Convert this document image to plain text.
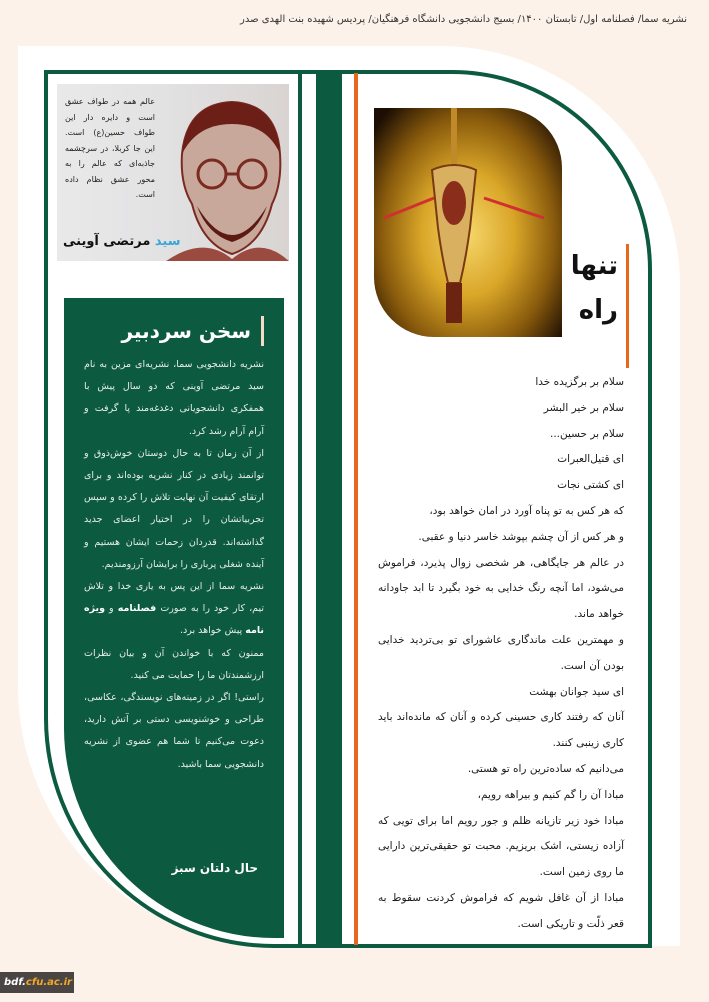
نشریه سما/ فصلنامه اول/ تابستان ۱۴۰۰/ بسیج دانشجویی دانشگاه فرهنگیان/ پردیس شهیده بنت الهدی صدر
عالم همه در طواف عشق است و دایره دار این طواف حسین(ع) است. این جا کربلا، در سرچشمه جاذبه‌ای که عالم را به محور عشق نظام داده است.
سید مرتضی آوینی
سخن سردبیر
نشریه دانشجویی سما، نشریه‌ای مزین به نام سید مرتضی آوینی که دو سال پیش با همفکری دانشجویانی دغدغه‌مند پا گرفت و آرام آرام رشد کرد.
از آن زمان تا به حال دوستان خوش‌ذوق و توانمند زیادی در کنار نشریه بوده‌اند و برای ارتقای کیفیت آن نهایت تلاش را کرده و سپس تجربیاتشان را در اختیار اعضای جدید گذاشته‌اند. قدردان زحمات ایشان هستیم و آینده شغلی پرباری را برایشان آرزومندیم.
نشریه سما از این پس به یاری خدا و تلاش تیم، کار خود را به صورت فصلنامه و ویژه نامه پیش خواهد برد.
ممنون که با خواندن آن و بیان نظرات ارزشمندتان ما را حمایت می کنید.
راستی! اگر در زمینه‌های نویسندگی، عکاسی، طراحی و خوشنویسی دستی بر آتش دارید، دعوت می‌کنیم تا شما هم عضوی از نشریه دانشجویی سما باشید.
حال دلتان سبز
تنها
راه

سلام بر برگزیده خدا

سلام بر خیر البشر

سلام بر حسین...

ای قتیل‌العبرات

ای کشتی نجات

که هر کس به تو پناه آورد در امان خواهد بود،

و هر کس از آن چشم بپوشد خاسر دنیا و عقبی.

در عالم هر جایگاهی، هر شخصی زوال پذیرد، فراموش می‌شود، اما آنچه رنگ خدایی به خود بگیرد تا ابد جاودانه خواهد ماند.

و مهمترین علت ماندگاری عاشورای تو بی‌تردید خدایی بودن آن است.

ای سید جوانان بهشت

آنان که رفتند کاری حسینی کرده و آنان که مانده‌اند باید کاری زینبی کنند.

می‌دانیم که ساده‌ترین راه تو هستی.

مبادا آن را گم کنیم و بیراهه رویم،

مبادا خود زیر تازیانه ظلم و جور رویم اما برای تویی که آزاده زیستی، اشک بریزیم. محبت تو حقیقی‌ترین دارایی ما روی زمین است.

مبادا از آن غافل شویم که فراموش کردنت سقوط به قعر ذلّت و تاریکی است.

bdf.cfu.ac.ir
